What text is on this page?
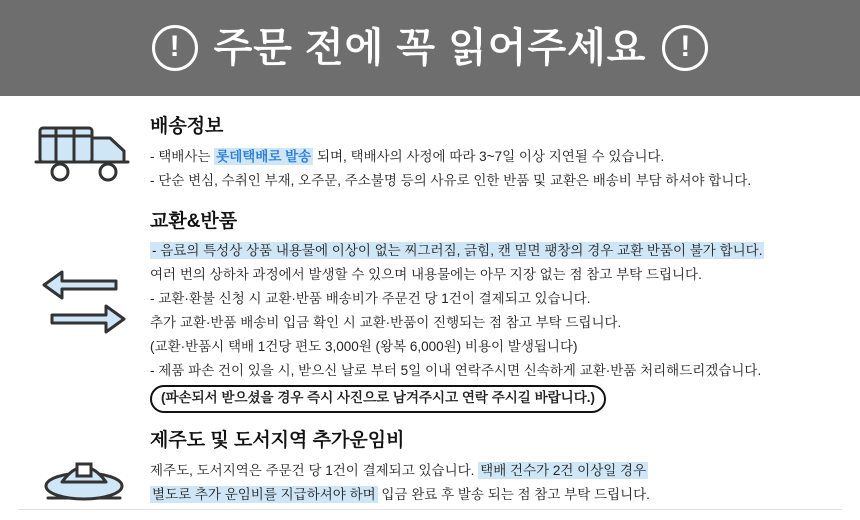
! 주문 전에 꼭 읽어주세요 !
배송정보

- 택배사는 롯데택배로 발송 되며, 택배사의 사정에 따라 3~7일 이상 지연될 수 있습니다.

- 단순 변심, 수취인 부재, 오주문, 주소불명 등의 사유로 인한 반품 및 교환은 배송비 부담 하셔야 합니다.

교환&반품

- 음료의 특성상 상품 내용물에 이상이 없는 찌그러짐, 긁힘, 캔 밑면 팽창의 경우 교환 반품이 불가 합니다.

여러 번의 상하차 과정에서 발생할 수 있으며 내용물에는 아무 지장 없는 점 참고 부탁 드립니다.

- 교환·환불 신청 시 교환·반품 배송비가 주문건 당 1건이 결제되고 있습니다.

추가 교환·반품 배송비 입금 확인 시 교환·반품이 진행되는 점 참고 부탁 드립니다.

(교환·반품시 택배 1건당 편도 3,000원 (왕복 6,000원) 비용이 발생됩니다)

- 제품 파손 건이 있을 시, 받으신 날로 부터 5일 이내 연락주시면 신속하게 교환·반품 처리해드리겠습니다.

(파손되서 받으셨을 경우 즉시 사진으로 남겨주시고 연락 주시길 바랍니다.)

제주도 및 도서지역 추가운임비

제주도, 도서지역은 주문건 당 1건이 결제되고 있습니다. 택배 건수가 2건 이상일 경우

별도로 추가 운임비를 지급하셔야 하며 입금 완료 후 발송 되는 점 참고 부탁 드립니다.
